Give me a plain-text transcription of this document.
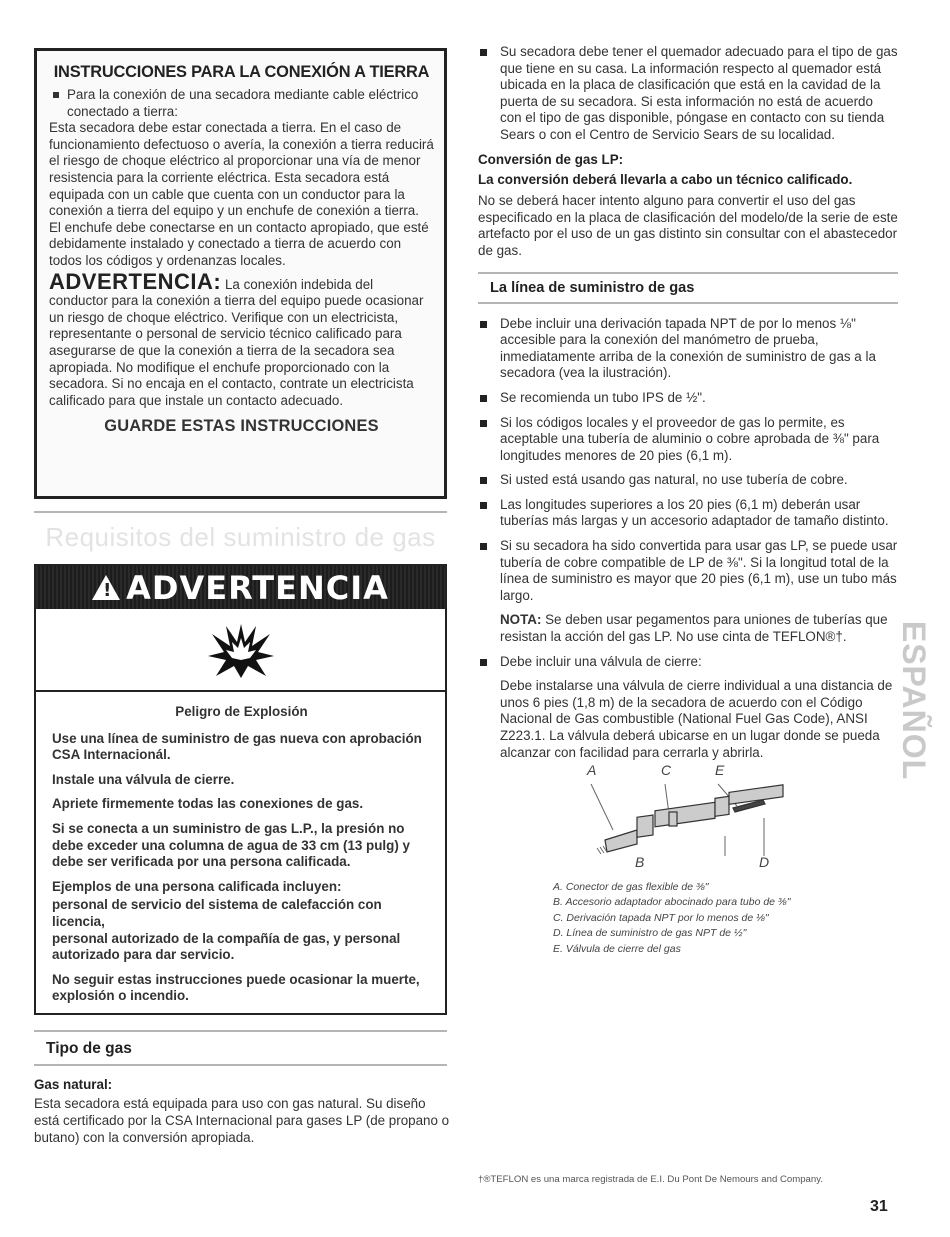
INSTRUCCIONES PARA LA CONEXIÓN A TIERRA
Para la conexión de una secadora mediante cable eléctrico conectado a tierra:

Esta secadora debe estar conectada a tierra. En el caso de funcionamiento defectuoso o avería, la conexión a tierra reducirá el riesgo de choque eléctrico al proporcionar una vía de menor resistencia para la corriente eléctrica. Esta secadora está equipada con un cable que cuenta con un conductor para la conexión a tierra del equipo y un enchufe de conexión a tierra. El enchufe debe conectarse en un contacto apropiado, que esté debidamente instalado y conectado a tierra de acuerdo con todos los códigos y ordenanzas locales.

ADVERTENCIA: La conexión indebida del conductor para la conexión a tierra del equipo puede ocasionar un riesgo de choque eléctrico. Verifique con un electricista, representante o personal de servicio técnico calificado para asegurarse de que la conexión a tierra de la secadora sea apropiada. No modifique el enchufe proporcionado con la secadora. Si no encaja en el contacto, contrate un electricista calificado para que instale un contacto adecuado.

GUARDE ESTAS INSTRUCCIONES
Requisitos del suministro de gas
!
ADVERTENCIA

Peligro de Explosión

Use una línea de suministro de gas nueva con aprobación CSA Internacionál.

Instale una válvula de cierre.

Apriete firmemente todas las conexiones de gas.

Si se conecta a un suministro de gas L.P., la presión no debe exceder una columna de agua de 33 cm (13 pulg) y debe ser verificada por una persona calificada.

Ejemplos de una persona calificada incluyen:

personal de servicio del sistema de calefacción con licencia,
personal autorizado de la compañía de gas, y personal autorizado para dar servicio.

No seguir estas instrucciones puede ocasionar la muerte, explosión o incendio.

Tipo de gas
Gas natural:
Esta secadora está equipada para uso con gas natural. Su diseño está certificado por la CSA Internacional para gases LP (de propano o butano) con la conversión apropiada.
Su secadora debe tener el quemador adecuado para el tipo de gas que tiene en su casa. La información respecto al quemador está ubicada en la placa de clasificación que está en la cavidad de la puerta de su secadora. Si esta información no está de acuerdo con el tipo de gas disponible, póngase en contacto con su tienda Sears o con el Centro de Servicio Sears de su localidad.
Conversión de gas LP:
La conversión deberá llevarla a cabo un técnico calificado.
No se deberá hacer intento alguno para convertir el uso del gas especificado en la placa de clasificación del modelo/de la serie de este artefacto por el uso de un gas distinto sin consultar con el abastecedor de gas.
La línea de suministro de gas
Debe incluir una derivación tapada NPT de por lo menos ⅛" accesible para la conexión del manómetro de prueba, inmediatamente arriba de la conexión de suministro de gas a la secadora (vea la ilustración).
Se recomienda un tubo IPS de ½".
Si los códigos locales y el proveedor de gas lo permite, es aceptable una tubería de aluminio o cobre aprobada de ⅜" para longitudes menores de 20 pies (6,1 m).
Si usted está usando gas natural, no use tubería de cobre.
Las longitudes superiores a los 20 pies (6,1 m) deberán usar tuberías más largas y un accesorio adaptador de tamaño distinto.
Si su secadora ha sido convertida para usar gas LP, se puede usar tubería de cobre compatible de LP de ⅜". Si la longitud total de la línea de suministro es mayor que 20 pies (6,1 m), use un tubo más largo.
NOTA: Se deben usar pegamentos para uniones de tuberías que resistan la acción del gas LP. No use cinta de TEFLON®†.
Debe incluir una válvula de cierre:
Debe instalarse una válvula de cierre individual a una distancia de unos 6 pies (1,8 m) de la secadora de acuerdo con el Código Nacional de Gas combustible (National Fuel Gas Code), ANSI Z223.1. La válvula deberá ubicarse en un lugar donde se pueda alcanzar con facilidad para cerrarla y abrirla.
A	C	E
B	D
A. Conector de gas flexible de ⅜"
B. Accesorio adaptador abocinado para tubo de ⅜"
C. Derivación tapada NPT por lo menos de ⅛"
D. Línea de suministro de gas NPT de ½"
E. Válvula de cierre del gas
ESPAÑOL
†®TEFLON es una marca registrada de E.I. Du Pont De Nemours and Company.
31
